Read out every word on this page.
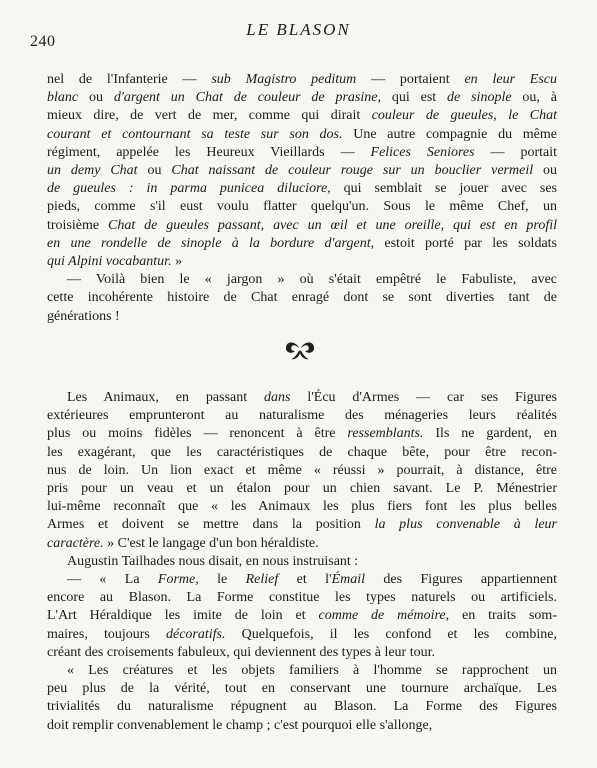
240
LE BLASON

nel de l'Infanterie — sub Magistro peditum — portaient en leur Escu
blanc ou d'argent un Chat de couleur de prasine, qui est de sinople ou, à
mieux dire, de vert de mer, comme qui dirait couleur de gueules, le Chat
courant et contournant sa teste sur son dos. Une autre compagnie du même
régiment, appelée les Heureux Vieillards — Felices Seniores — portait
un demy Chat ou Chat naissant de couleur rouge sur un bouclier vermeil ou
de gueules : in parma punicea diluciore, qui semblait se jouer avec ses
pieds, comme s'il eust voulu flatter quelqu'un. Sous le même Chef, un
troisième Chat de gueules passant, avec un œil et une oreille, qui est en profil
en une rondelle de sinople à la bordure d'argent, estoit porté par les soldats
qui Alpini vocabantur. »

— Voilà bien le « jargon » où s'était empêtré le Fabuliste, avec
cette incohérente histoire de Chat enragé dont se sont diverties tant de
générations !

Les Animaux, en passant dans l'Écu d'Armes — car ses Figures
extérieures emprunteront au naturalisme des ménageries leurs réalités
plus ou moins fidèles — renoncent à être ressemblants. Ils ne gardent, en
les exagérant, que les caractéristiques de chaque bête, pour être recon-
nus de loin. Un lion exact et même « réussi » pourrait, à distance, être
pris pour un veau et un étalon pour un chien savant. Le P. Ménestrier
lui-même reconnaît que « les Animaux les plus fiers font les plus belles
Armes et doivent se mettre dans la position la plus convenable à leur
caractère. » C'est le langage d'un bon héraldiste.

Augustin Tailhades nous disait, en nous instruisant :

— « La Forme, le Relief et l'Émail des Figures appartiennent
encore au Blason. La Forme constitue les types naturels ou artificiels.
L'Art Héraldique les imite de loin et comme de mémoire, en traits som-
maires, toujours décoratifs. Quelquefois, il les confond et les combine,
créant des croisements fabuleux, qui deviennent des types à leur tour.

« Les créatures et les objets familiers à l'homme se rapprochent un
peu plus de la vérité, tout en conservant une tournure archaïque. Les
trivialités du naturalisme répugnent au Blason. La Forme des Figures
doit remplir convenablement le champ ; c'est pourquoi elle s'allonge,
